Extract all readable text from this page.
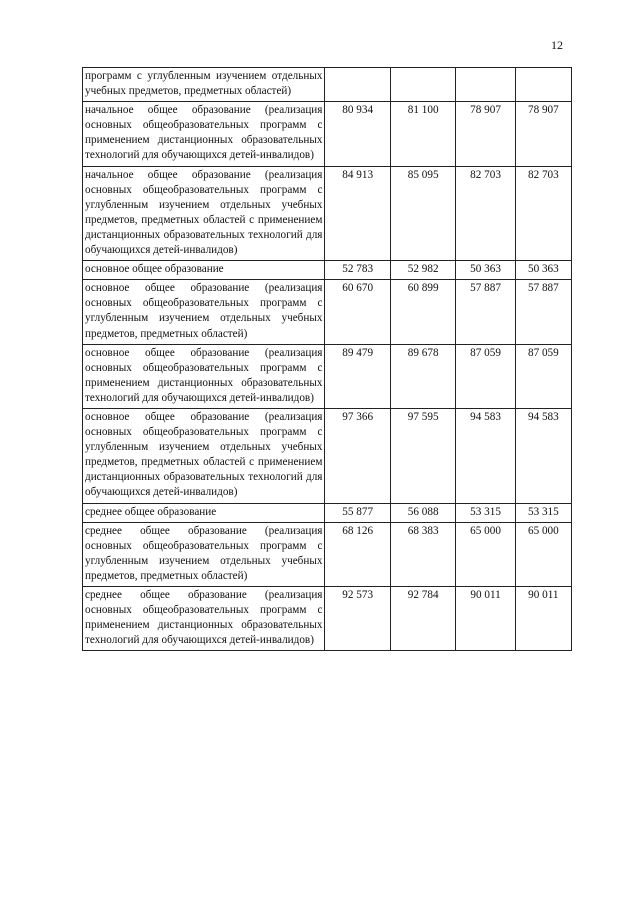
12
программ с углубленным изучением отдельных учебных предметов, предметных областей)				
начальное общее образование (реализация основных общеобразовательных программ с применением дистанционных образовательных технологий для обучающихся детей-инвалидов)	80 934	81 100	78 907	78 907
начальное общее образование (реализация основных общеобразовательных программ с углубленным изучением отдельных учебных предметов, предметных областей с применением дистанционных образовательных технологий для обучающихся детей-инвалидов)	84 913	85 095	82 703	82 703
основное общее образование	52 783	52 982	50 363	50 363
основное общее образование (реализация основных общеобразовательных программ с углубленным изучением отдельных учебных предметов, предметных областей)	60 670	60 899	57 887	57 887
основное общее образование (реализация основных общеобразовательных программ с применением дистанционных образовательных технологий для обучающихся детей-инвалидов)	89 479	89 678	87 059	87 059
основное общее образование (реализация основных общеобразовательных программ с углубленным изучением отдельных учебных предметов, предметных областей с применением дистанционных образовательных технологий для обучающихся детей-инвалидов)	97 366	97 595	94 583	94 583
среднее общее образование	55 877	56 088	53 315	53 315
среднее общее образование (реализация основных общеобразовательных программ с углубленным изучением отдельных учебных предметов, предметных областей)	68 126	68 383	65 000	65 000
среднее общее образование (реализация основных общеобразовательных программ с применением дистанционных образовательных технологий для обучающихся детей-инвалидов)	92 573	92 784	90 011	90 011
